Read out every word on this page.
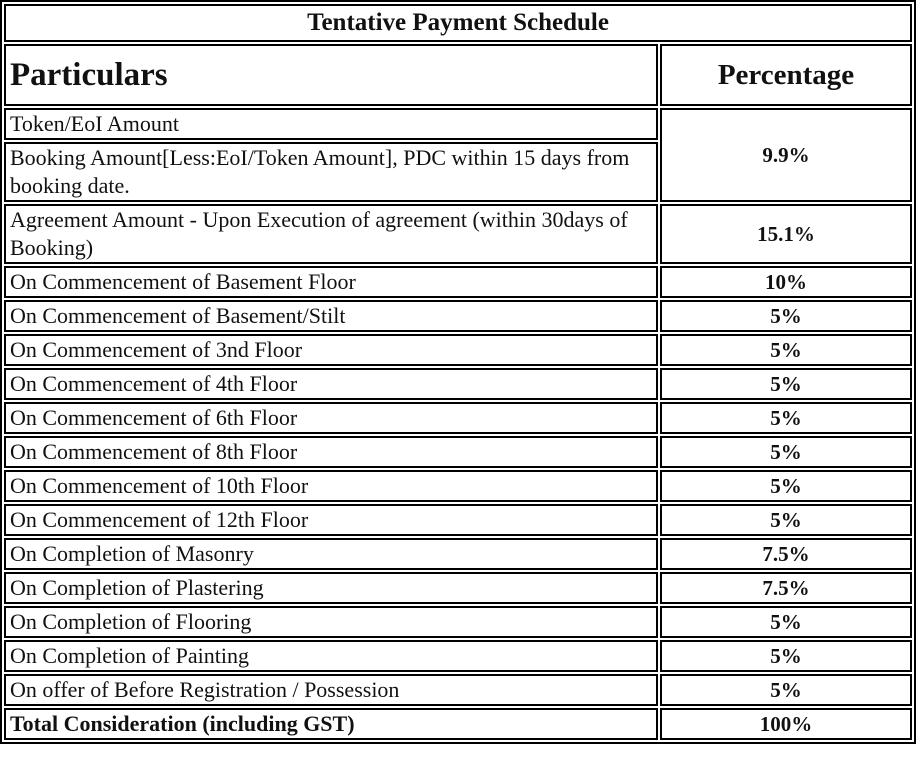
Tentative Payment Schedule	
Particulars	Percentage
Token/EoI Amount	9.9%
Booking Amount[Less:EoI/Token Amount], PDC within 15 days from booking date.	
Agreement Amount - Upon Execution of agreement (within 30days of Booking)	15.1%
On Commencement of Basement Floor	10%
On Commencement of Basement/Stilt	5%
On Commencement of 3nd Floor	5%
On Commencement of 4th Floor	5%
On Commencement of 6th Floor	5%
On Commencement of 8th Floor	5%
On Commencement of 10th Floor	5%
On Commencement of 12th Floor	5%
On Completion of Masonry	7.5%
On Completion of Plastering	7.5%
On Completion of Flooring	5%
On Completion of Painting	5%
On offer of Before Registration / Possession	5%
Total Consideration (including GST)	100%
